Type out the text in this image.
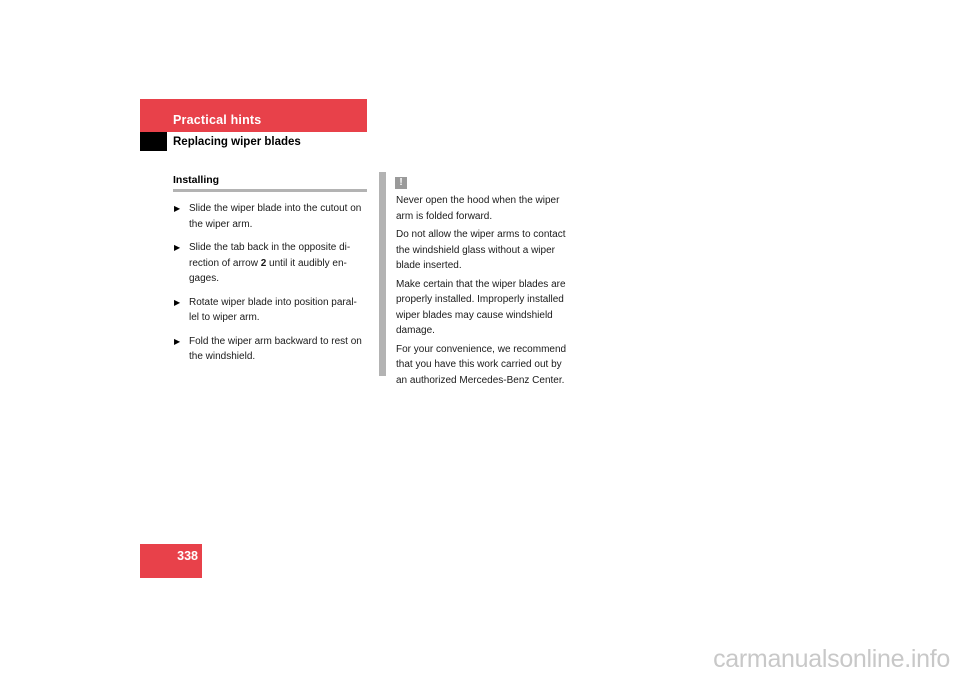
Practical hints
Replacing wiper blades
Installing
▶ Slide the wiper blade into the cutout on
the wiper arm.
▶ Slide the tab back in the opposite di-
rection of arrow 2 until it audibly en-
gages.
▶ Rotate wiper blade into position paral-
lel to wiper arm.
▶ Fold the wiper arm backward to rest on
the windshield.
!

Never open the hood when the wiper
arm is folded forward.

Do not allow the wiper arms to contact
the windshield glass without a wiper
blade inserted.

Make certain that the wiper blades are
properly installed. Improperly installed
wiper blades may cause windshield
damage.

For your convenience, we recommend
that you have this work carried out by
an authorized Mercedes-Benz Center.

338
carmanualsonline.info
